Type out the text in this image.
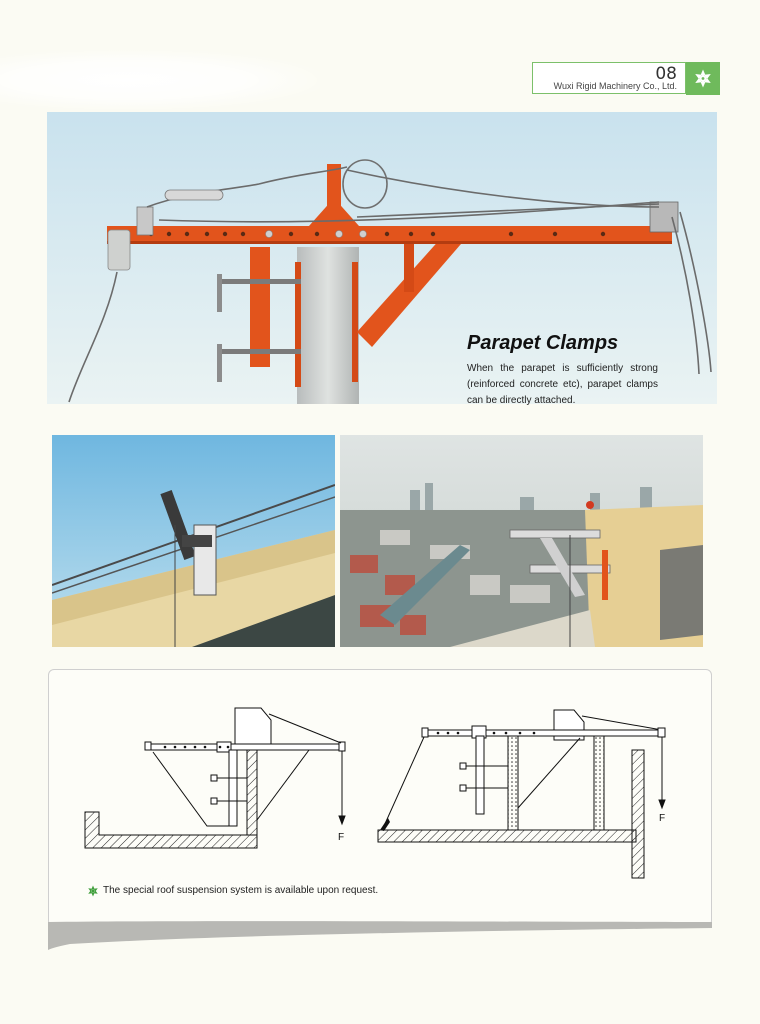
08
Wuxi Rigid Machinery Co., Ltd.
Parapet Clamps

When the parapet is sufficiently strong (reinforced concrete etc), parapet clamps can be directly attached.

F
F
The special roof suspension system is available upon request.
